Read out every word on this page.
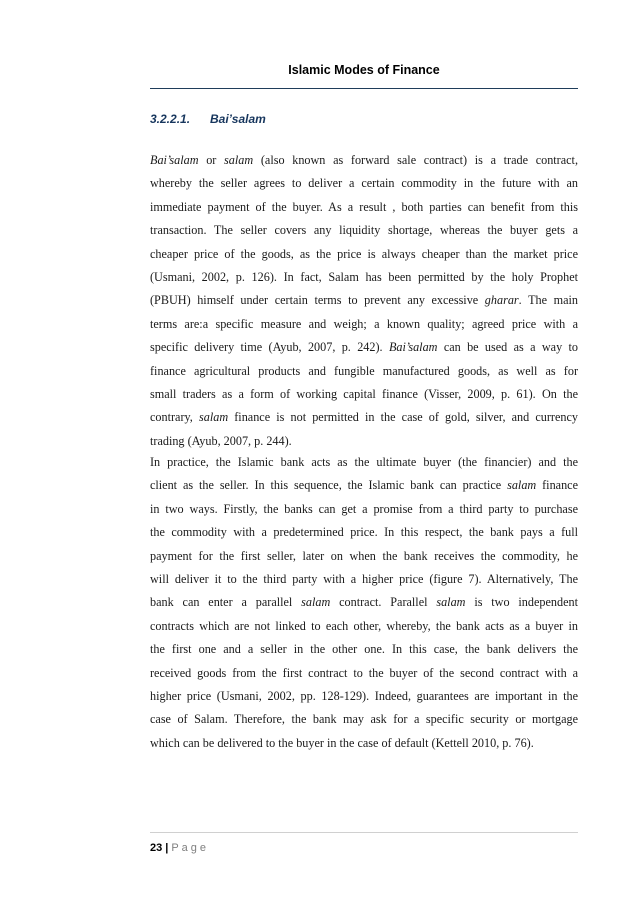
Islamic Modes of Finance
3.2.2.1. Bai’salam
Bai’salam or salam (also known as forward sale contract) is a trade contract,
whereby the seller agrees to deliver a certain commodity in the future with an
immediate payment of the buyer. As a result , both parties can benefit from this
transaction. The seller covers any liquidity shortage, whereas the buyer gets a
cheaper price of the goods, as the price is always cheaper than the market price
(Usmani, 2002, p. 126). In fact, Salam has been permitted by the holy Prophet
(PBUH) himself under certain terms to prevent any excessive gharar. The main
terms are:a specific measure and weigh; a known quality; agreed price with a
specific delivery time (Ayub, 2007, p. 242). Bai’salam can be used as a way to
finance agricultural products and fungible manufactured goods, as well as for
small traders as a form of working capital finance (Visser, 2009, p. 61). On the
contrary, salam finance is not permitted in the case of gold, silver, and currency
trading (Ayub, 2007, p. 244).
In practice, the Islamic bank acts as the ultimate buyer (the financier) and the
client as the seller. In this sequence, the Islamic bank can practice salam finance
in two ways. Firstly, the banks can get a promise from a third party to purchase
the commodity with a predetermined price. In this respect, the bank pays a full
payment for the first seller, later on when the bank receives the commodity, he
will deliver it to the third party with a higher price (figure 7). Alternatively, The
bank can enter a parallel salam contract. Parallel salam is two independent
contracts which are not linked to each other, whereby, the bank acts as a buyer in
the first one and a seller in the other one. In this case, the bank delivers the
received goods from the first contract to the buyer of the second contract with a
higher price (Usmani, 2002, pp. 128-129). Indeed, guarantees are important in the
case of Salam. Therefore, the bank may ask for a specific security or mortgage
which can be delivered to the buyer in the case of default (Kettell 2010, p. 76).
23 | Page
